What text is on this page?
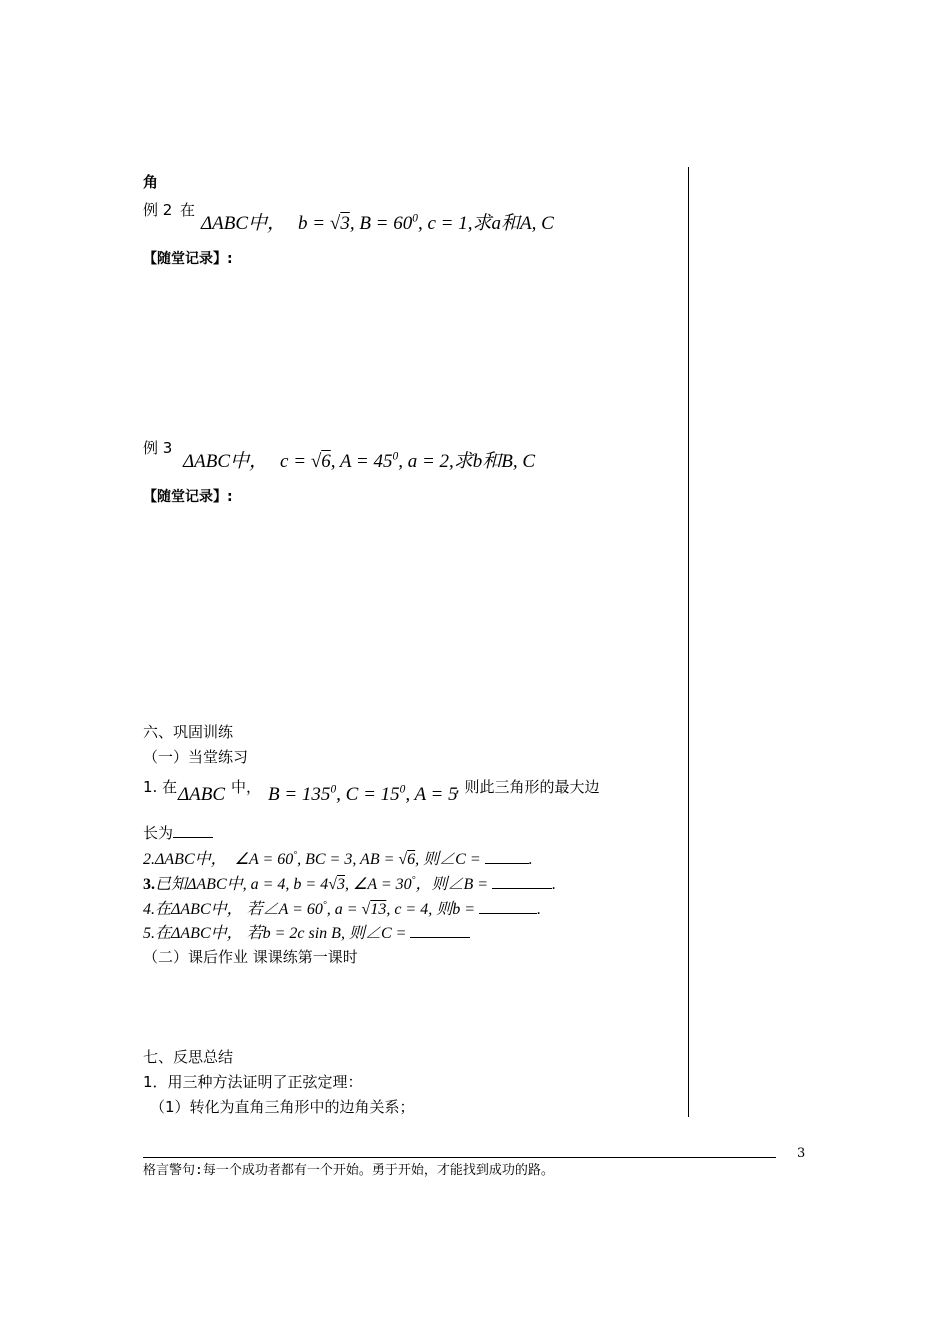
角
例 2 在
ΔABC中， b = √3, $B = 60^0$, c = 1,求a和A, C
【随堂记录】:
例 3
ΔABC中， c = √6, $A = 45^0$, a = 2,求b和B, C
【随堂记录】:
六、巩固训练
（一）当堂练习
1. 在 ΔABC 中， $B = 135^0$, $C = 15^0$, A = 5
, 则此三角形的最大边
长为
2.ΔABC中， ∠A = 60°, BC = 3, AB = √6, 则∠C =	.
3.已知ΔABC中, a = 4, b = 4√3, ∠A = 30°，则∠B =	.
4.在ΔABC中， 若∠A = 60°, a = √13, c = 4, 则b =	.
5.在ΔABC中， 若b = 2c sin B, 则∠C =
（二）课后作业 课课练第一课时
七、反思总结
1．用三种方法证明了正弦定理：
（1）转化为直角三角形中的边角关系；
3
格言警句:每一个成功者都有一个开始。勇于开始，才能找到成功的路。
